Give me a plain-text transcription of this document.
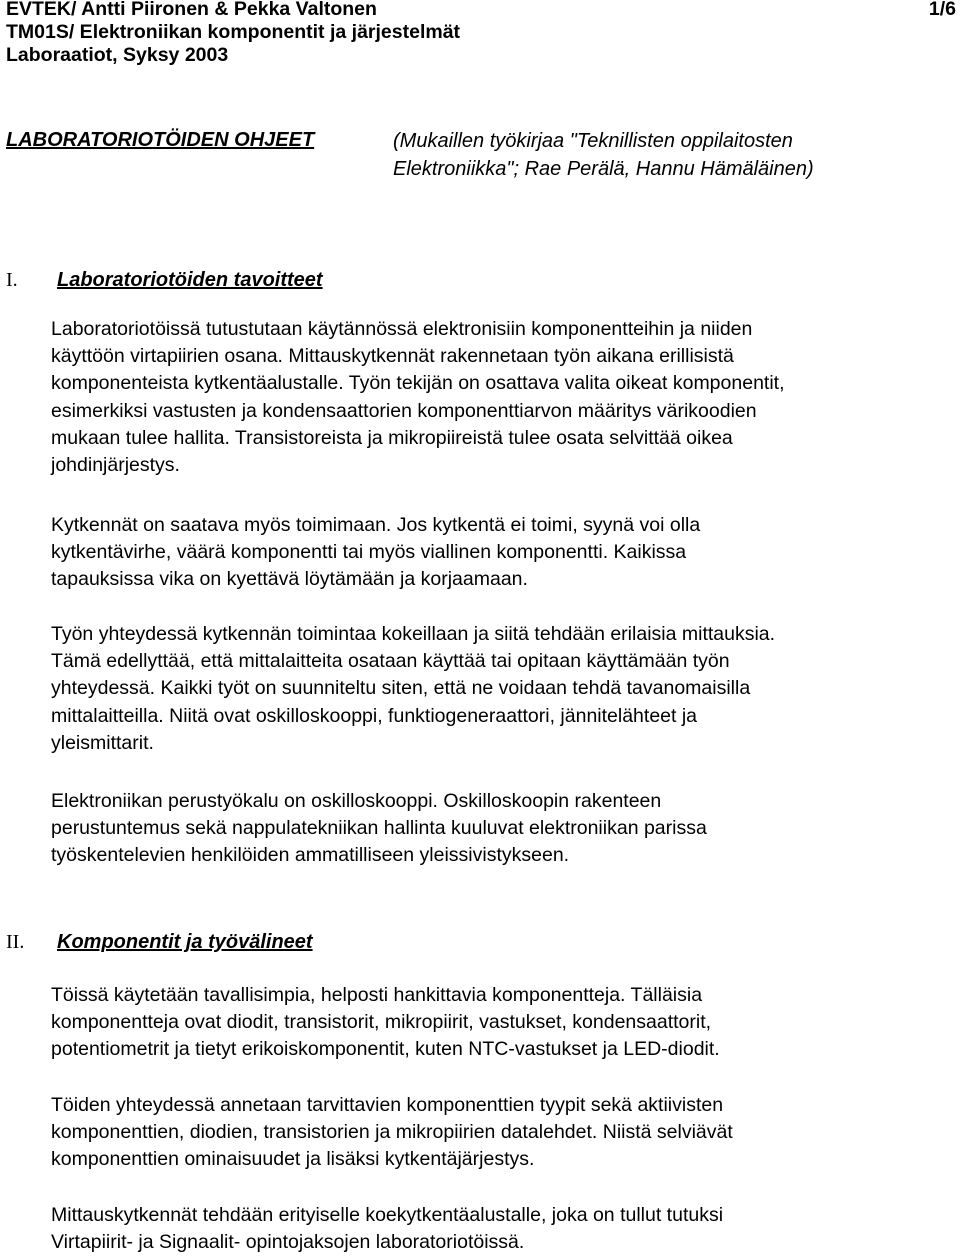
EVTEK/ Antti Piironen & Pekka Valtonen	1/6
TM01S/ Elektroniikan komponentit ja järjestelmät
Laboraatiot, Syksy 2003
LABORATORIOTÖIDEN OHJEET	(Mukaillen työkirjaa "Teknillisten oppilaitosten
Elektroniikka"; Rae Perälä, Hannu Hämäläinen)
I. Laboratoriotöiden tavoitteet
Laboratoriotöissä tutustutaan käytännössä elektronisiin komponentteihin ja niiden
käyttöön virtapiirien osana. Mittauskytkennät rakennetaan työn aikana erillisistä
komponenteista kytkentäalustalle. Työn tekijän on osattava valita oikeat komponentit,
esimerkiksi vastusten ja kondensaattorien komponenttiarvon määritys värikoodien
mukaan tulee hallita. Transistoreista ja mikropiireistä tulee osata selvittää oikea
johdinjärjestys.
Kytkennät on saatava myös toimimaan. Jos kytkentä ei toimi, syynä voi olla
kytkentävirhe, väärä komponentti tai myös viallinen komponentti. Kaikissa
tapauksissa vika on kyettävä löytämään ja korjaamaan.
Työn yhteydessä kytkennän toimintaa kokeillaan ja siitä tehdään erilaisia mittauksia.
Tämä edellyttää, että mittalaitteita osataan käyttää tai opitaan käyttämään työn
yhteydessä. Kaikki työt on suunniteltu siten, että ne voidaan tehdä tavanomaisilla
mittalaitteilla. Niitä ovat oskilloskooppi, funktiogeneraattori, jännitelähteet ja
yleismittarit.
Elektroniikan perustyökalu on oskilloskooppi. Oskilloskoopin rakenteen
perustuntemus sekä nappulatekniikan hallinta kuuluvat elektroniikan parissa
työskentelevien henkilöiden ammatilliseen yleissivistykseen.
II. Komponentit ja työvälineet
Töissä käytetään tavallisimpia, helposti hankittavia komponentteja. Tälläisia
komponentteja ovat diodit, transistorit, mikropiirit, vastukset, kondensaattorit,
potentiometrit ja tietyt erikoiskomponentit, kuten NTC-vastukset ja LED-diodit.
Töiden yhteydessä annetaan tarvittavien komponenttien tyypit sekä aktiivisten
komponenttien, diodien, transistorien ja mikropiirien datalehdet. Niistä selviävät
komponenttien ominaisuudet ja lisäksi kytkentäjärjestys.
Mittauskytkennät tehdään erityiselle koekytkentäalustalle, joka on tullut tutuksi
Virtapiirit- ja Signaalit- opintojaksojen laboratoriotöissä.
